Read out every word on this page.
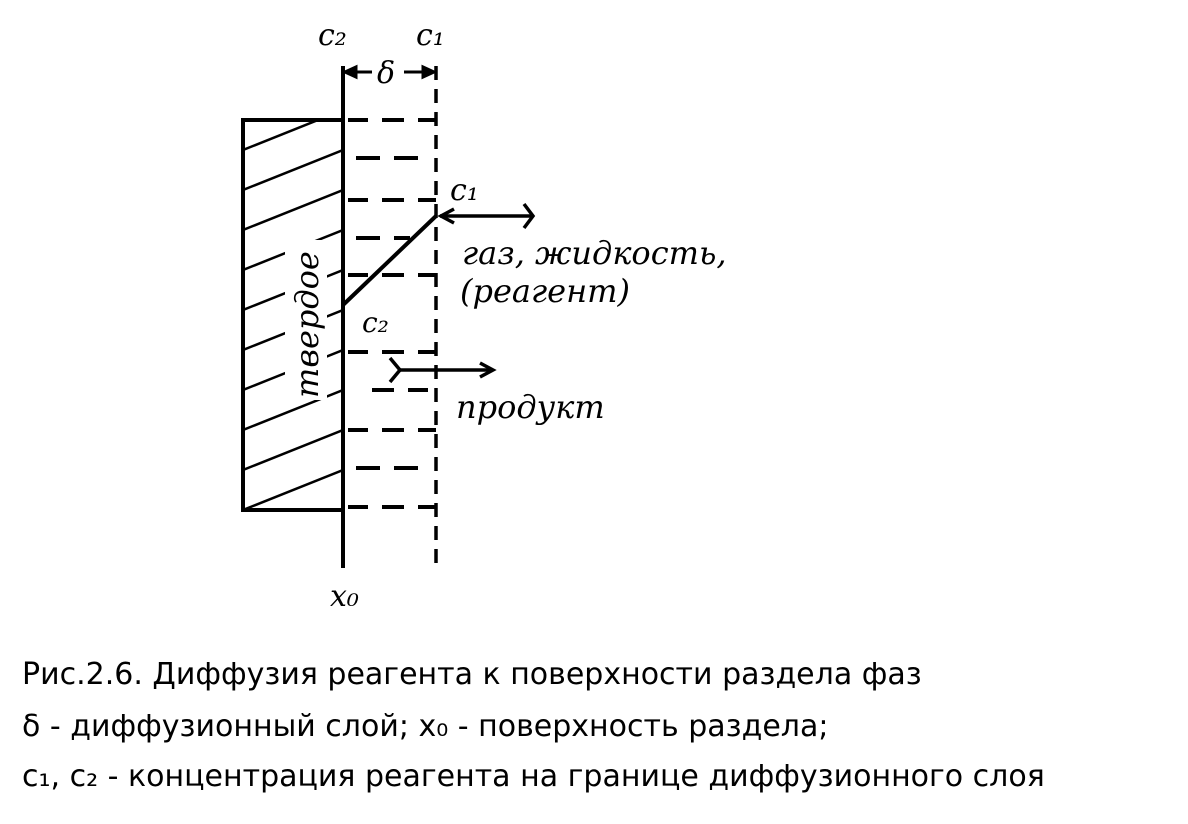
c₂ c₁
δ
c₁
c₂
твердое	газ, жидкость,
(реагент)
продукт
x₀
Рис.2.6. Диффузия реагента к поверхности раздела фаз
δ - диффузионный слой; x₀ - поверхность раздела;
c₁, c₂ - концентрация реагента на границе диффузионного слоя
